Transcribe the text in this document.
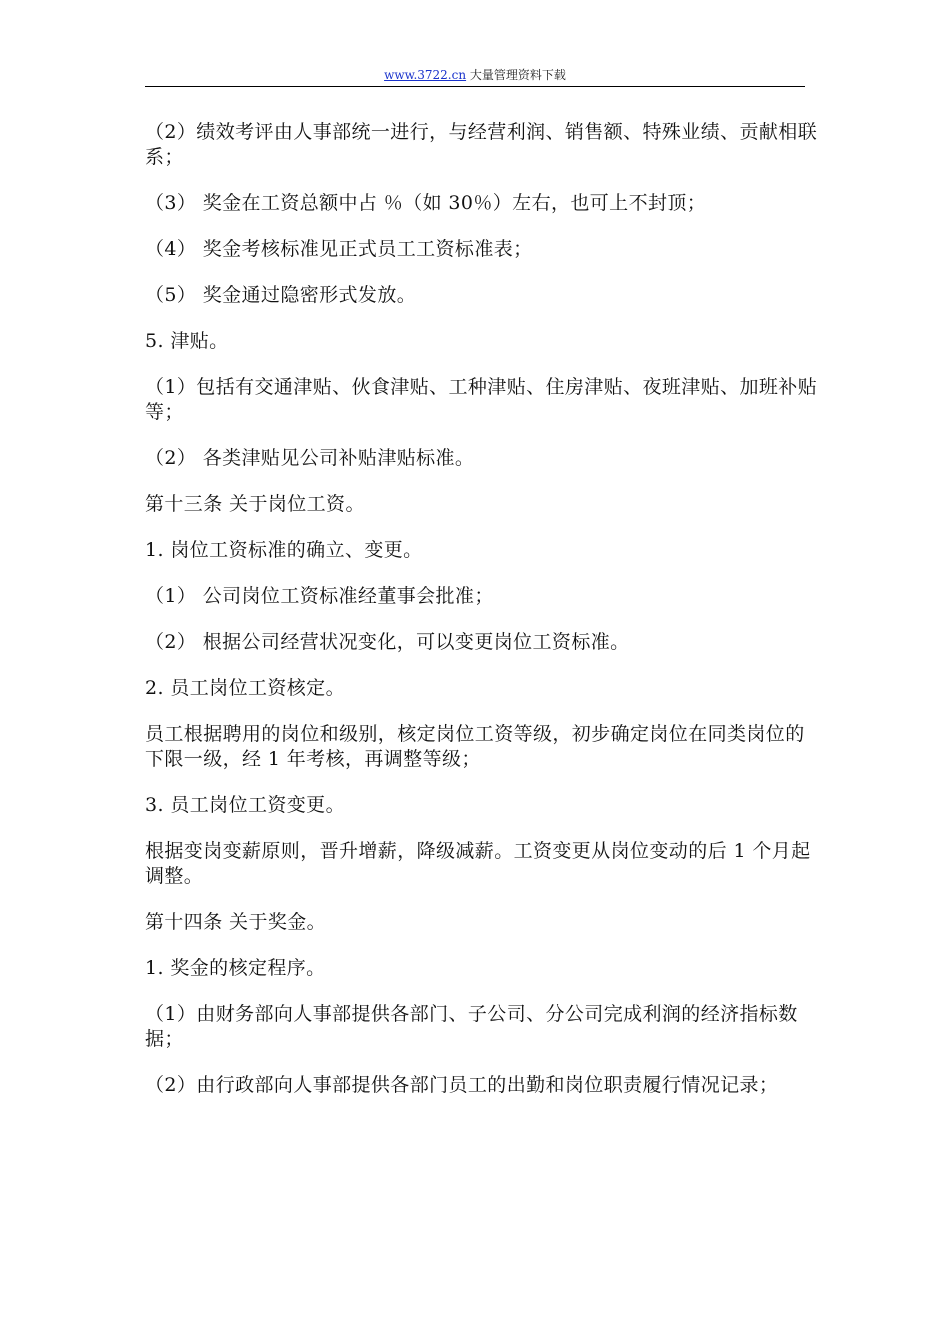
www.3722.cn 大量管理资料下载

（2）绩效考评由人事部统一进行，与经营利润、销售额、特殊业绩、贡献相联系；

（3） 奖金在工资总额中占 ％（如 30％）左右，也可上不封顶；

（4） 奖金考核标准见正式员工工资标准表；

（5） 奖金通过隐密形式发放。

5. 津贴。

（1）包括有交通津贴、伙食津贴、工种津贴、住房津贴、夜班津贴、加班补贴等；

（2） 各类津贴见公司补贴津贴标准。

第十三条 关于岗位工资。

1. 岗位工资标准的确立、变更。

（1） 公司岗位工资标准经董事会批准；

（2） 根据公司经营状况变化，可以变更岗位工资标准。

2. 员工岗位工资核定。

员工根据聘用的岗位和级别，核定岗位工资等级，初步确定岗位在同类岗位的下限一级，经 1 年考核，再调整等级；

3. 员工岗位工资变更。

根据变岗变薪原则，晋升增薪，降级减薪。工资变更从岗位变动的后 1 个月起调整。

第十四条 关于奖金。

1. 奖金的核定程序。

（1）由财务部向人事部提供各部门、子公司、分公司完成利润的经济指标数据；

（2）由行政部向人事部提供各部门员工的出勤和岗位职责履行情况记录；
